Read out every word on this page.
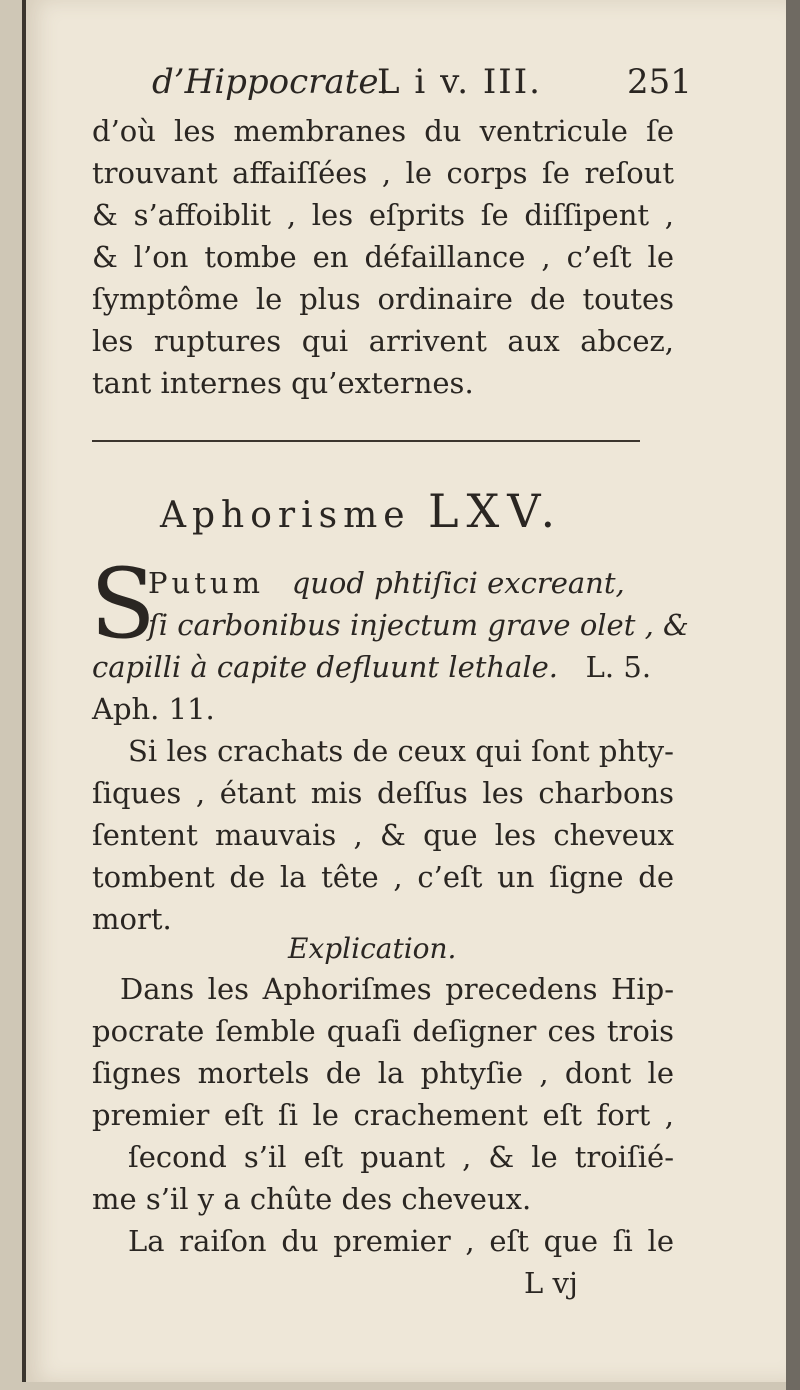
d’Hippocrate.
L i v. III.	251
d’où les membranes du ventricule ſe
trouvant affaiſſées , le corps ſe reſout
& s’affoiblit , les eſprits ſe diſſipent ,
& l’on tombe en défaillance , c’eſt le
ſymptôme le plus ordinaire de toutes
les ruptures qui arrivent aux abcez,
tant internes qu’externes.
Aphorisme LXV.
S
Putum quod phtiſici excreant,
ſi carbonibus inje​ctum grave olet , &
capilli à capite defluunt lethale. L. 5.
Aph. 11.
Si les crachats de ceux qui ſont phty-
ſiques , étant mis deſſus les charbons
ſentent mauvais , & que les cheveux
tombent de la tête , c’eſt un ſigne de
mort.
Explication.
Dans les Aphoriſmes precedens Hip-
pocrate ſemble quaſi deſigner ces trois
ſignes mortels de la phtyſie , dont le
premier eſt ſi le crachement eſt fort ,
ſecond s’il eſt puant , & le troiſié-
me s’il y a chûte des cheveux.
La raiſon du premier , eſt que ſi le
L vj
